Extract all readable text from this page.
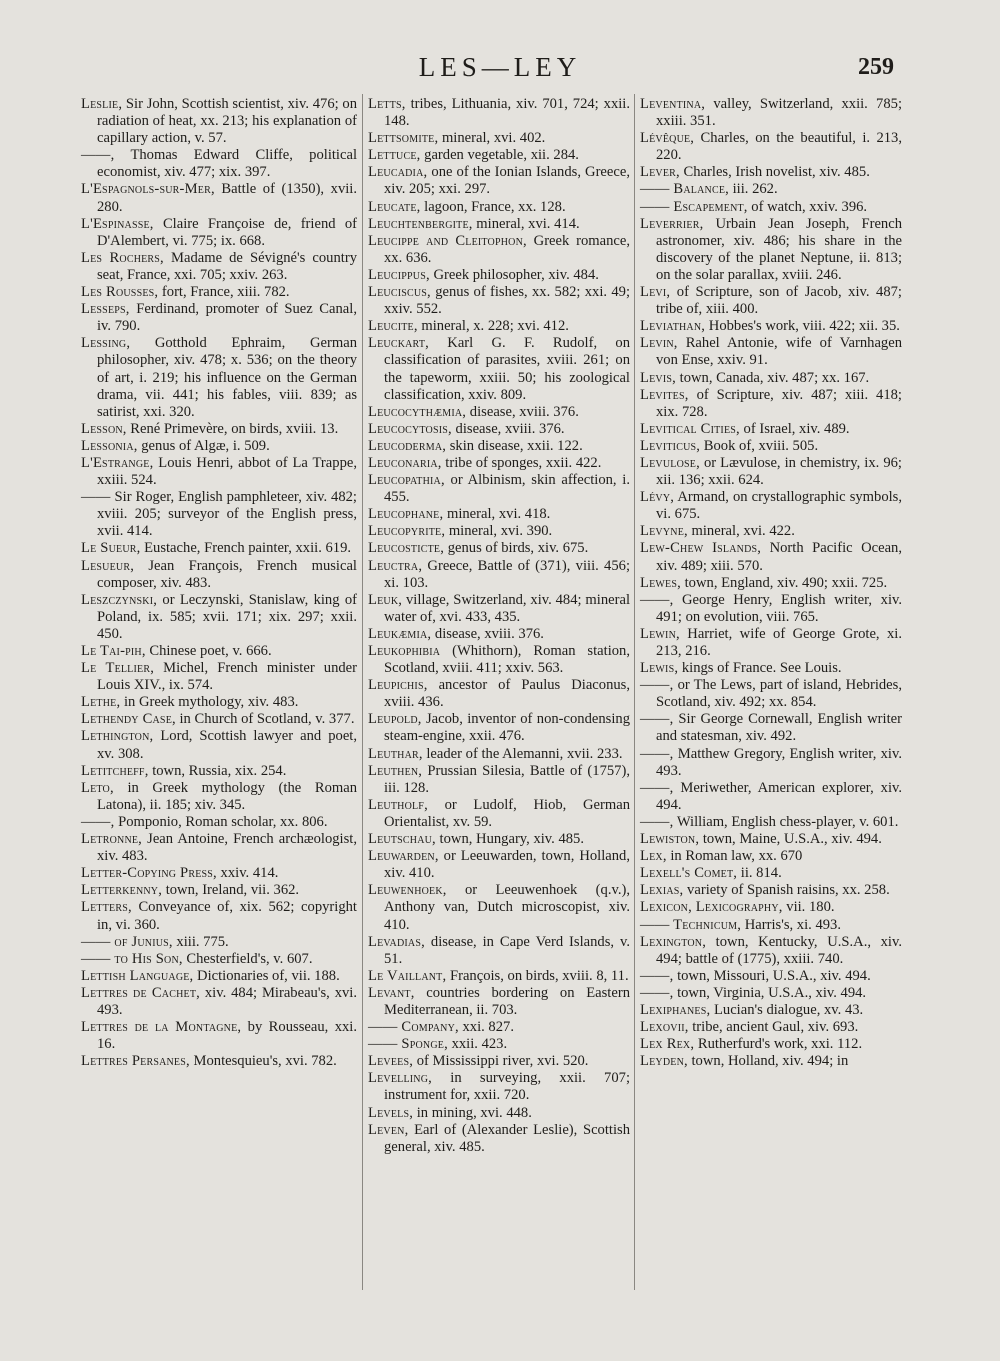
LES—LEY	259

Leslie, Sir John, Scottish scientist, xiv. 476; on radiation of heat, xx. 213; his explanation of capillary action, v. 57.

——, Thomas Edward Cliffe, political economist, xiv. 477; xix. 397.

L'Espagnols-sur-Mer, Battle of (1350), xvii. 280.

L'Espinasse, Claire Françoise de, friend of D'Alembert, vi. 775; ix. 668.

Les Rochers, Madame de Sévigné's country seat, France, xxi. 705; xxiv. 263.

Les Rousses, fort, France, xiii. 782.

Lesseps, Ferdinand, promoter of Suez Canal, iv. 790.

Lessing, Gotthold Ephraim, German philosopher, xiv. 478; x. 536; on the theory of art, i. 219; his influence on the German drama, vii. 441; his fables, viii. 839; as satirist, xxi. 320.

Lesson, René Primevère, on birds, xviii. 13.

Lessonia, genus of Algæ, i. 509.

L'Estrange, Louis Henri, abbot of La Trappe, xxiii. 524.

—— Sir Roger, English pamphleteer, xiv. 482; xviii. 205; surveyor of the English press, xvii. 414.

Le Sueur, Eustache, French painter, xxii. 619.

Lesueur, Jean François, French musical composer, xiv. 483.

Leszczynski, or Leczynski, Stanislaw, king of Poland, ix. 585; xvii. 171; xix. 297; xxii. 450.

Le Tai-pih, Chinese poet, v. 666.

Le Tellier, Michel, French minister under Louis XIV., ix. 574.

Lethe, in Greek mythology, xiv. 483.

Lethendy Case, in Church of Scotland, v. 377.

Lethington, Lord, Scottish lawyer and poet, xv. 308.

Letitcheff, town, Russia, xix. 254.

Leto, in Greek mythology (the Roman Latona), ii. 185; xiv. 345.

——, Pomponio, Roman scholar, xx. 806.

Letronne, Jean Antoine, French archæologist, xiv. 483.

Letter-Copying Press, xxiv. 414.

Letterkenny, town, Ireland, vii. 362.

Letters, Conveyance of, xix. 562; copyright in, vi. 360.

—— of Junius, xiii. 775.

—— to His Son, Chesterfield's, v. 607.

Lettish Language, Dictionaries of, vii. 188.

Lettres de Cachet, xiv. 484; Mirabeau's, xvi. 493.

Lettres de la Montagne, by Rousseau, xxi. 16.

Lettres Persanes, Montesquieu's, xvi. 782.

Letts, tribes, Lithuania, xiv. 701, 724; xxii. 148.

Lettsomite, mineral, xvi. 402.

Lettuce, garden vegetable, xii. 284.

Leucadia, one of the Ionian Islands, Greece, xiv. 205; xxi. 297.

Leucate, lagoon, France, xx. 128.

Leuchtenbergite, mineral, xvi. 414.

Leucippe and Cleitophon, Greek romance, xx. 636.

Leucippus, Greek philosopher, xiv. 484.

Leuciscus, genus of fishes, xx. 582; xxi. 49; xxiv. 552.

Leucite, mineral, x. 228; xvi. 412.

Leuckart, Karl G. F. Rudolf, on classification of parasites, xviii. 261; on the tapeworm, xxiii. 50; his zoological classification, xxiv. 809.

Leucocythæmia, disease, xviii. 376.

Leucocytosis, disease, xviii. 376.

Leucoderma, skin disease, xxii. 122.

Leuconaria, tribe of sponges, xxii. 422.

Leucopathia, or Albinism, skin affection, i. 455.

Leucophane, mineral, xvi. 418.

Leucopyrite, mineral, xvi. 390.

Leucosticte, genus of birds, xiv. 675.

Leuctra, Greece, Battle of (371), viii. 456; xi. 103.

Leuk, village, Switzerland, xiv. 484; mineral water of, xvi. 433, 435.

Leukæmia, disease, xviii. 376.

Leukophibia (Whithorn), Roman station, Scotland, xviii. 411; xxiv. 563.

Leupichis, ancestor of Paulus Diaconus, xviii. 436.

Leupold, Jacob, inventor of non-condensing steam-engine, xxii. 476.

Leuthar, leader of the Alemanni, xvii. 233.

Leuthen, Prussian Silesia, Battle of (1757), iii. 128.

Leutholf, or Ludolf, Hiob, German Orientalist, xv. 59.

Leutschau, town, Hungary, xiv. 485.

Leuwarden, or Leeuwarden, town, Holland, xiv. 410.

Leuwenhoek, or Leeuwenhoek (q.v.), Anthony van, Dutch microscopist, xiv. 410.

Levadias, disease, in Cape Verd Islands, v. 51.

Le Vaillant, François, on birds, xviii. 8, 11.

Levant, countries bordering on Eastern Mediterranean, ii. 703.

—— Company, xxi. 827.

—— Sponge, xxii. 423.

Levees, of Mississippi river, xvi. 520.

Levelling, in surveying, xxii. 707; instrument for, xxii. 720.

Levels, in mining, xvi. 448.

Leven, Earl of (Alexander Leslie), Scottish general, xiv. 485.

Leventina, valley, Switzerland, xxii. 785; xxiii. 351.

Lévêque, Charles, on the beautiful, i. 213, 220.

Lever, Charles, Irish novelist, xiv. 485.

—— Balance, iii. 262.

—— Escapement, of watch, xxiv. 396.

Leverrier, Urbain Jean Joseph, French astronomer, xiv. 486; his share in the discovery of the planet Neptune, ii. 813; on the solar parallax, xviii. 246.

Levi, of Scripture, son of Jacob, xiv. 487; tribe of, xiii. 400.

Leviathan, Hobbes's work, viii. 422; xii. 35.

Levin, Rahel Antonie, wife of Varnhagen von Ense, xxiv. 91.

Levis, town, Canada, xiv. 487; xx. 167.

Levites, of Scripture, xiv. 487; xiii. 418; xix. 728.

Levitical Cities, of Israel, xiv. 489.

Leviticus, Book of, xviii. 505.

Levulose, or Lævulose, in chemistry, ix. 96; xii. 136; xxii. 624.

Lévy, Armand, on crystallographic symbols, vi. 675.

Levyne, mineral, xvi. 422.

Lew-Chew Islands, North Pacific Ocean, xiv. 489; xiii. 570.

Lewes, town, England, xiv. 490; xxii. 725.

——, George Henry, English writer, xiv. 491; on evolution, viii. 765.

Lewin, Harriet, wife of George Grote, xi. 213, 216.

Lewis, kings of France. See Louis.

——, or The Lews, part of island, Hebrides, Scotland, xiv. 492; xx. 854.

——, Sir George Cornewall, English writer and statesman, xiv. 492.

——, Matthew Gregory, English writer, xiv. 493.

——, Meriwether, American explorer, xiv. 494.

——, William, English chess-player, v. 601.

Lewiston, town, Maine, U.S.A., xiv. 494.

Lex, in Roman law, xx. 670

Lexell's Comet, ii. 814.

Lexias, variety of Spanish raisins, xx. 258.

Lexicon, Lexicography, vii. 180.

—— Technicum, Harris's, xi. 493.

Lexington, town, Kentucky, U.S.A., xiv. 494; battle of (1775), xxiii. 740.

——, town, Missouri, U.S.A., xiv. 494.

——, town, Virginia, U.S.A., xiv. 494.

Lexiphanes, Lucian's dialogue, xv. 43.

Lexovii, tribe, ancient Gaul, xiv. 693.

Lex Rex, Rutherfurd's work, xxi. 112.

Leyden, town, Holland, xiv. 494; in
